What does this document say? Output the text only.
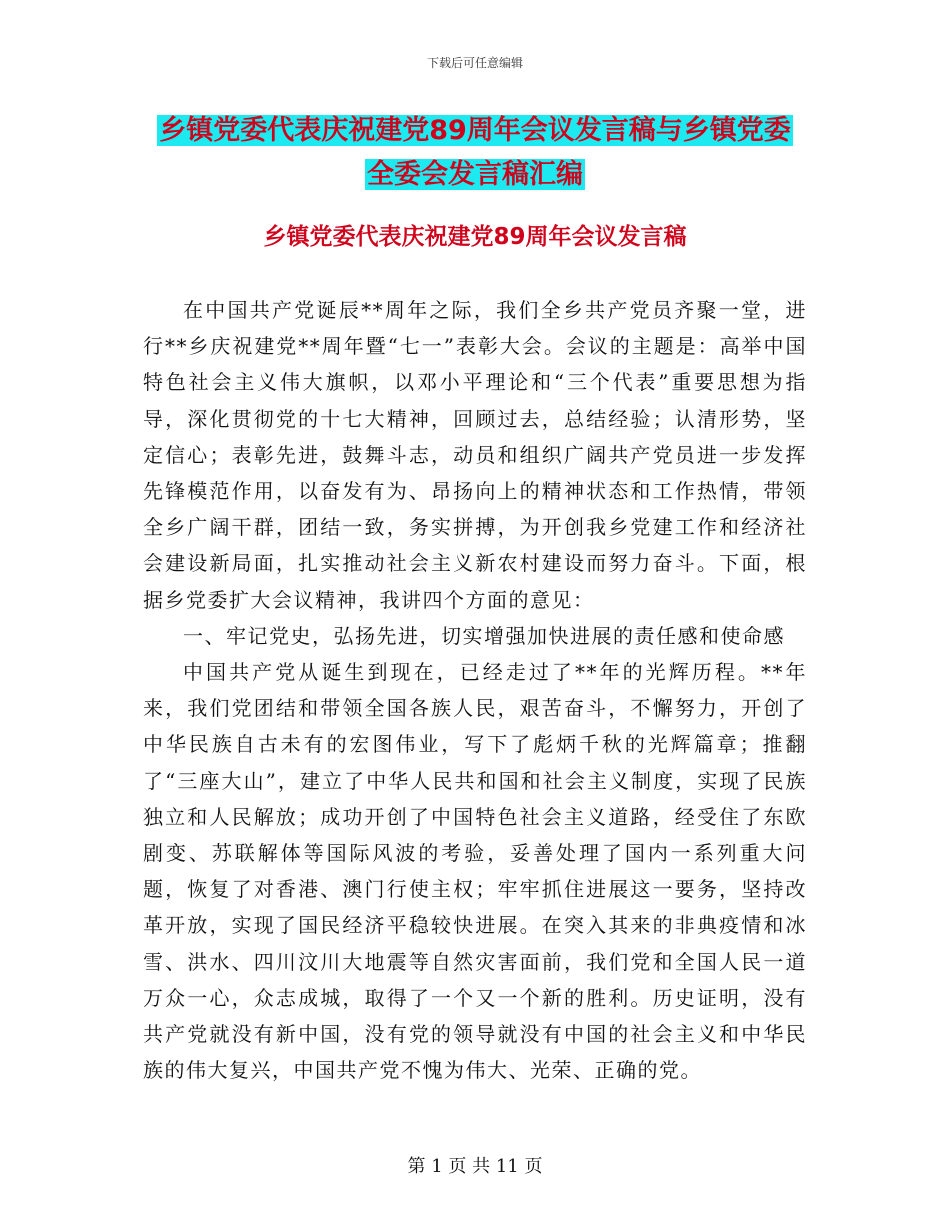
下载后可任意编辑
乡镇党委代表庆祝建党89周年会议发言稿与乡镇党委
全委会发言稿汇编
乡镇党委代表庆祝建党89周年会议发言稿

在中国共产党诞辰**周年之际，我们全乡共产党员齐聚一堂，进行**乡庆祝建党**周年暨“七一”表彰大会。会议的主题是：高举中国特色社会主义伟大旗帜，以邓小平理论和“三个代表”重要思想为指导，深化贯彻党的十七大精神，回顾过去，总结经验；认清形势，坚定信心；表彰先进，鼓舞斗志，动员和组织广阔共产党员进一步发挥先锋模范作用，以奋发有为、昂扬向上的精神状态和工作热情，带领全乡广阔干群，团结一致，务实拼搏，为开创我乡党建工作和经济社会建设新局面，扎实推动社会主义新农村建设而努力奋斗。下面，根据乡党委扩大会议精神，我讲四个方面的意见：

一、牢记党史，弘扬先进，切实增强加快进展的责任感和使命感

中国共产党从诞生到现在，已经走过了**年的光辉历程。**年来，我们党团结和带领全国各族人民，艰苦奋斗，不懈努力，开创了中华民族自古未有的宏图伟业，写下了彪炳千秋的光辉篇章；推翻了“三座大山”，建立了中华人民共和国和社会主义制度，实现了民族独立和人民解放；成功开创了中国特色社会主义道路，经受住了东欧剧变、苏联解体等国际风波的考验，妥善处理了国内一系列重大问题，恢复了对香港、澳门行使主权；牢牢抓住进展这一要务，坚持改革开放，实现了国民经济平稳较快进展。在突入其来的非典疫情和冰雪、洪水、四川汶川大地震等自然灾害面前，我们党和全国人民一道万众一心，众志成城，取得了一个又一个新的胜利。历史证明，没有共产党就没有新中国，没有党的领导就没有中国的社会主义和中华民族的伟大复兴，中国共产党不愧为伟大、光荣、正确的党。

第 1 页 共 11 页
